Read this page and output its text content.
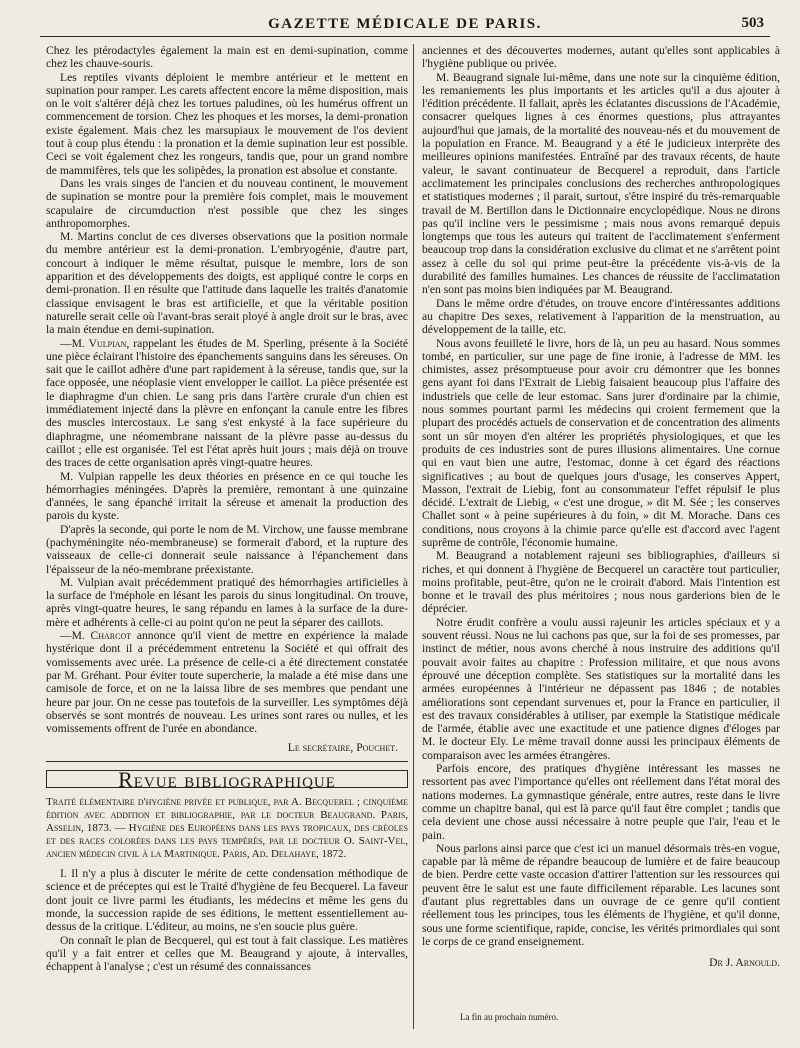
GAZETTE MÉDICALE DE PARIS.	503

Chez les ptérodactyles également la main est en demi-supination, comme chez les chauve-souris.

Les reptiles vivants déploient le membre antérieur et le mettent en supination pour ramper. Les carets affectent encore la même disposition, mais on le voit s'altérer déjà chez les tortues paludines, où les humérus offrent un commencement de torsion. Chez les phoques et les morses, la demi-pronation existe également. Mais chez les marsupiaux le mouvement de l'os devient tout à coup plus étendu : la pronation et la demie supination leur est possible. Ceci se voit également chez les rongeurs, tandis que, pour un grand nombre de mammifères, tels que les solipèdes, la pronation est absolue et constante.

Dans les vrais singes de l'ancien et du nouveau continent, le mouvement de supination se montre pour la première fois complet, mais le mouvement scapulaire de circumduction n'est possible que chez les singes anthropomorphes.

M. Martins conclut de ces diverses observations que la position normale du membre antérieur est la demi-pronation. L'embryogénie, d'autre part, concourt à indiquer le même résultat, puisque le membre, lors de son apparition et des développements des doigts, est appliqué contre le corps en demi-pronation. Il en résulte que l'attitude dans laquelle les traités d'anatomie classique envisagent le bras est artificielle, et que la véritable position naturelle serait celle où l'avant-bras serait ployé à angle droit sur le bras, avec la main étendue en demi-supination.

—M. Vulpian, rappelant les études de M. Sperling, présente à la Société une pièce éclairant l'histoire des épanchements sanguins dans les séreuses. On sait que le caillot adhère d'une part rapidement à la séreuse, tandis que, sur la face opposée, une néoplasie vient envelopper le caillot. La pièce présentée est le diaphragme d'un chien. Le sang pris dans l'artère crurale d'un chien est immédiatement injecté dans la plèvre en enfonçant la canule entre les fibres des muscles intercostaux. Le sang s'est enkysté à la face supérieure du diaphragme, une néomembrane naissant de la plèvre passe au-dessus du caillot ; elle est organisée. Tel est l'état après huit jours ; mais déjà on trouve des traces de cette organisation après vingt-quatre heures.

M. Vulpian rappelle les deux théories en présence en ce qui touche les hémorrhagies méningées. D'après la première, remontant à une quinzaine d'années, le sang épanché irritait la séreuse et amenait la production des parois du kyste.

D'après la seconde, qui porte le nom de M. Virchow, une fausse membrane (pachyméningite néo-membraneuse) se formerait d'abord, et la rupture des vaisseaux de celle-ci donnerait seule naissance à l'épanchement dans l'épaisseur de la néo-membrane préexistante.

M. Vulpian avait précédemment pratiqué des hémorrhagies artificielles à la surface de l'méphole en lésant les parois du sinus longitudinal. On trouve, après vingt-quatre heures, le sang répandu en lames à la surface de la dure-mère et adhérents à celle-ci au point qu'on ne peut la séparer des caillots.

—M. Charcot annonce qu'il vient de mettre en expérience la malade hystérique dont il a précédemment entretenu la Société et qui offrait des vomissements avec urée. La présence de celle-ci a été directement constatée par M. Gréhant. Pour éviter toute supercherie, la malade a été mise dans une camisole de force, et on ne la laissa libre de ses membres que pendant une heure par jour. On ne cesse pas toutefois de la surveiller. Les symptômes déjà observés se sont montrés de nouveau. Les urines sont rares ou nulles, et les vomissements offrent de l'urée en abondance.

Le secrétaire, Pouchet.

Revue bibliographique

Traité élémentaire d'hygiène privée et publique, par A. Becquerel ; cinquième édition avec addition et bibliographie, par le docteur Beaugrand. Paris, Asselin, 1873. — Hygiène des Européens dans les pays tropicaux, des créoles et des races colorées dans les pays tempérés, par le docteur O. Saint-Vel, ancien médecin civil à la Martinique. Paris, Ad. Delahaye, 1872.

I. Il n'y a plus à discuter le mérite de cette condensation méthodique de science et de préceptes qui est le Traité d'hygiène de feu Becquerel. La faveur dont jouit ce livre parmi les étudiants, les médecins et même les gens du monde, la succession rapide de ses éditions, le mettent essentiellement au-dessus de la critique. L'éditeur, au moins, ne s'en soucie plus guère.

On connaît le plan de Becquerel, qui est tout à fait classique. Les matières qu'il y a fait entrer et celles que M. Beaugrand y ajoute, à intervalles, échappent à l'analyse ; c'est un résumé des connaissances

anciennes et des découvertes modernes, autant qu'elles sont applicables à l'hygiène publique ou privée.

M. Beaugrand signale lui-même, dans une note sur la cinquième édition, les remaniements les plus importants et les articles qu'il a dus ajouter à l'édition précédente. Il fallait, après les éclatantes discussions de l'Académie, consacrer quelques lignes à ces énormes questions, plus attrayantes aujourd'hui que jamais, de la mortalité des nouveau-nés et du mouvement de la population en France. M. Beaugrand y a été le judicieux interprète des meilleures opinions manifestées. Entraîné par des travaux récents, de haute valeur, le savant continuateur de Becquerel a reproduit, dans l'article acclimatement les principales conclusions des recherches anthropologiques et statistiques modernes ; il parait, surtout, s'être inspiré du très-remarquable travail de M. Bertillon dans le Dictionnaire encyclopédique. Nous ne dirons pas qu'il incline vers le pessimisme ; mais nous avons remarqué depuis longtemps que tous les auteurs qui traitent de l'acclimatement s'enferment beaucoup trop dans la considération exclusive du climat et ne s'arrêtent point assez à celle du sol qui prime peut-être la précédente vis-à-vis de la durabilité des familles humaines. Les chances de réussite de l'acclimatation n'en sont pas moins bien indiquées par M. Beaugrand.

Dans le même ordre d'études, on trouve encore d'intéressantes additions au chapitre Des sexes, relativement à l'apparition de la menstruation, au développement de la taille, etc.

Nous avons feuilleté le livre, hors de là, un peu au hasard. Nous sommes tombé, en particulier, sur une page de fine ironie, à l'adresse de MM. les chimistes, assez présomptueuse pour avoir cru démontrer que les bonnes gens ayant foi dans l'Extrait de Liebig faisaient beaucoup plus l'affaire des industriels que celle de leur estomac. Sans jurer d'ordinaire par la chimie, nous sommes pourtant parmi les médecins qui croient fermement que la plupart des procédés actuels de conservation et de concentration des aliments sont un sûr moyen d'en altérer les propriétés physiologiques, et que les produits de ces industries sont de pures illusions alimentaires. Une cornue qui en vaut bien une autre, l'estomac, donne à cet égard des réactions significatives ; au bout de quelques jours d'usage, les conserves Appert, Masson, l'extrait de Liebig, font au consommateur l'effet répulsif le plus décidé. L'extrait de Liebig, « c'est une drogue, » dit M. Sée ; les conserves Challet sont « à peine supérieures à du foin, » dit M. Morache. Dans ces conditions, nous croyons à la chimie parce qu'elle est d'accord avec l'agent suprême de contrôle, l'économie humaine.

M. Beaugrand a notablement rajeuni ses bibliographies, d'ailleurs si riches, et qui donnent à l'hygiène de Becquerel un caractère tout particulier, moins profitable, peut-être, qu'on ne le croirait d'abord. Mais l'intention est bonne et le travail des plus méritoires ; nous nous garderions bien de le déprécier.

Notre érudit confrère a voulu aussi rajeunir les articles spéciaux et y a souvent réussi. Nous ne lui cachons pas que, sur la foi de ses promesses, par instinct de métier, nous avons cherché à nous instruire des additions qu'il pouvait avoir faites au chapitre : Profession militaire, et que nous avons éprouvé une déception complète. Ses statistiques sur la mortalité dans les armées européennes à l'intérieur ne dépassent pas 1846 ; de notables améliorations sont cependant survenues et, pour la France en particulier, il est des travaux considérables à utiliser, par exemple la Statistique médicale de l'armée, établie avec une exactitude et une patience dignes d'éloges par M. le docteur Ely. Le même travail donne aussi les principaux éléments de comparaison avec les armées étrangères.

Parfois encore, des pratiques d'hygiène intéressant les masses ne ressortent pas avec l'importance qu'elles ont réellement dans l'état moral des nations modernes. La gymnastique générale, entre autres, reste dans le livre comme un chapitre banal, qui est là parce qu'il faut être complet ; tandis que cela devient une chose aussi nécessaire à notre peuple que l'air, l'eau et le pain.

Nous parlons ainsi parce que c'est ici un manuel désormais très-en vogue, capable par là même de répandre beaucoup de lumière et de faire beaucoup de bien. Perdre cette vaste occasion d'attirer l'attention sur les ressources qui peuvent être le salut est une faute difficilement réparable. Les lacunes sont d'autant plus regrettables dans un ouvrage de ce genre qu'il contient réellement tous les principes, tous les éléments de l'hygiène, et qu'il donne, sous une forme scientifique, rapide, concise, les vérités primordiales qui sont le corps de ce grand enseignement.

Dr J. Arnould.

La fin au prochain numéro.
